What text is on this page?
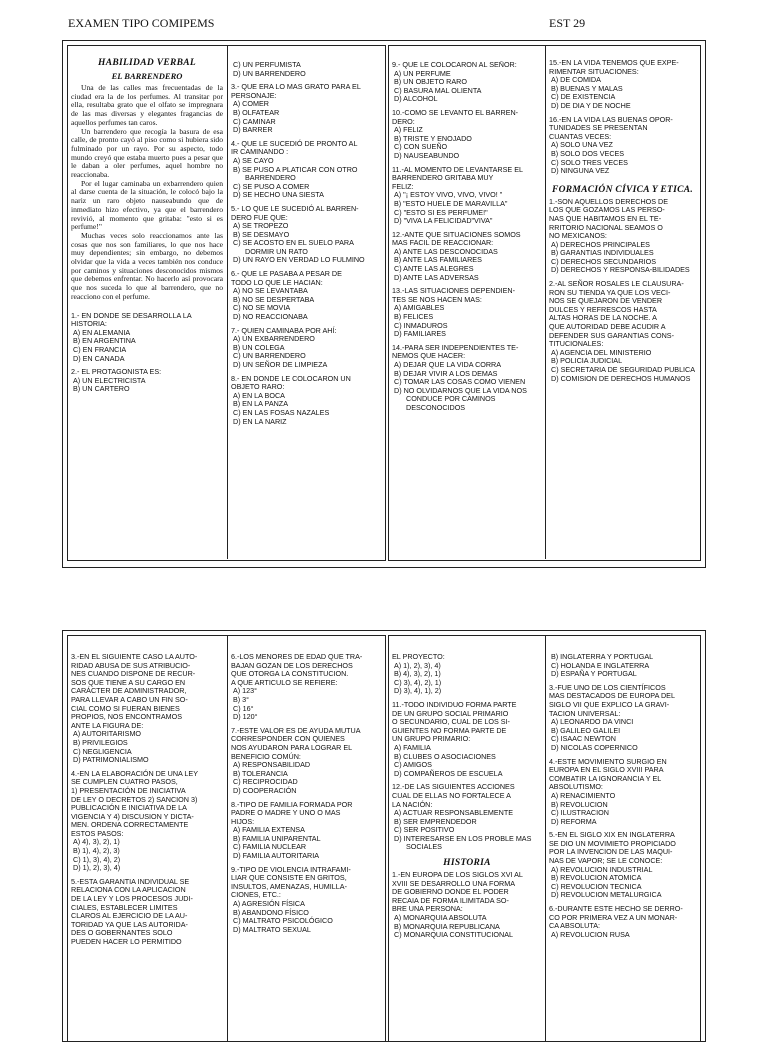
EXAMEN TIPO COMIPEMS	EST 29
HABILIDAD VERBAL
EL BARRENDERO

Una de las calles mas frecuentadas de la ciudad era la de los perfumes. Al transitar por ella, resultaba grato que el olfato se impregnara de las mas diversas y elegantes fragancias de aquellos perfumes tan caros.

Un barrendero que recogía la basura de esa calle, de pronto cayó al piso como si hubiera sido fulminado por un rayo. Por su aspecto, todo mundo creyó que estaba muerto pues a pesar que le daban a oler perfumes, aquel hombre no reaccionaba.

Por el lugar caminaba un exbarrendero quien al darse cuenta de la situación, le colocó bajo la nariz un raro objeto nauseabundo que de inmediato hizo efectivo, ya que el barrendero revivió, al momento que gritaba: "esto si es perfume!"

Muchas veces solo reaccionamos ante las cosas que nos son familiares, lo que nos hace muy dependientes; sin embargo, no debemos olvidar que la vida a veces también nos conduce por caminos y situaciones desconocidos mismos que debemos enfrentar. No hacerlo así provocara que nos suceda lo que al barrendero, que no reacciono con el perfume.

1.- EN DONDE SE DESARROLLA LA
HISTORIA:
A) EN ALEMANIA
B) EN ARGENTINA
C) EN FRANCIA
D) EN CANADA
2.- EL PROTAGONISTA ES:
A) UN ELECTRICISTA
B) UN CARTERO
C) UN PERFUMISTA
D) UN BARRENDERO
3.- QUE ERA LO MAS GRATO PARA EL
PERSONAJE:
A) COMER
B) OLFATEAR
C) CAMINAR
D) BARRER
4.- QUE LE SUCEDIÓ DE PRONTO AL
IR CAMINANDO :
A) SE CAYO
B) SE PUSO A PLATICAR CON OTRO BARRENDERO
C) SE PUSO A COMER
D) SE HECHO UNA SIESTA
5.- LO QUE LE SUCEDIÓ AL BARREN-
DERO FUE QUE:
A) SE TROPEZO
B) SE DESMAYO
C) SE ACOSTO EN EL SUELO PARA DORMIR UN RATO
D) UN RAYO EN VERDAD LO FULMINO
6.- QUE LE PASABA A PESAR DE
TODO LO QUE LE HACIAN:
A) NO SE LEVANTABA
B) NO SE DESPERTABA
C) NO SE MOVIA
D) NO REACCIONABA
7.- QUIEN CAMINABA POR AHÍ:
A) UN EXBARRENDERO
B) UN COLEGA
C) UN BARRENDERO
D) UN SEÑOR DE LIMPIEZA
8.- EN DONDE LE COLOCARON UN
OBJETO RARO:
A) EN LA BOCA
B) EN LA PANZA
C) EN LAS FOSAS NAZALES
D) EN LA NARIZ
9.- QUE LE COLOCARON AL SEÑOR:
A) UN PERFUME
B) UN OBJETO RARO
C) BASURA MAL OLIENTA
D) ALCOHOL
10.-COMO SE LEVANTO EL BARREN-
DERO:
A) FELIZ
B) TRISTE Y ENOJADO
C) CON SUEÑO
D) NAUSEABUNDO
11.-AL MOMENTO DE LEVANTARSE EL
BARRENDERO GRITABA MUY
FELIZ:
A) "¡ ESTOY VIVO, VIVO, VIVO! "
B) "ESTO HUELE DE MARAVILLA"
C) "ESTO SI ES PERFUME!"
D) "VIVA LA FELICIDAD"VIVA"
12.-ANTE QUE SITUACIONES SOMOS
MAS FACIL DE REACCIONAR:
A) ANTE LAS DESCONOCIDAS
B) ANTE LAS FAMILIARES
C) ANTE LAS ALEGRES
D) ANTE LAS ADVERSAS
13.-LAS SITUACIONES DEPENDIEN-
TES SE NOS HACEN MAS:
A) AMIGABLES
B) FELICES
C) INMADUROS
D) FAMILIARES
14.-PARA SER INDEPENDIENTES TE-
NEMOS QUE HACER:
A) DEJAR QUE LA VIDA CORRA
B) DEJAR VIVIR A LOS DEMAS
C) TOMAR LAS COSAS COMO VIENEN
D) NO OLVIDARNOS QUE LA VIDA NOS CONDUCE POR CAMINOS DESCONOCIDOS
15.-EN LA VIDA TENEMOS QUE EXPE-
RIMENTAR SITUACIONES:
A) DE COMIDA
B) BUENAS Y MALAS
C) DE EXISTENCIA
D) DE DIA Y DE NOCHE
16.-EN LA VIDA LAS BUENAS OPOR-
TUNIDADES SE PRESENTAN
CUANTAS VECES:
A) SOLO UNA VEZ
B) SOLO DOS VECES
C) SOLO TRES VECES
D) NINGUNA VEZ
FORMACIÓN CÍVICA Y ETICA.
1.-SON AQUELLOS DERECHOS DE
LOS QUE GOZAMOS LAS PERSO-
NAS QUE HABITAMOS EN EL TE-
RRITORIO NACIONAL SEAMOS O
NO MEXICANOS:
A) DERECHOS PRINCIPALES
B) GARANTIAS INDIVIDUALES
C) DERECHOS SECUNDARIOS
D) DERECHOS Y RESPONSA-BILIDADES
2.-AL SEÑOR ROSALES LE CLAUSURA-
RON SU TIENDA YA QUE LOS VECI-
NOS SE QUEJARON DE VENDER
DULCES Y REFRESCOS HASTA
ALTAS HORAS DE LA NOCHE. A
QUE AUTORIDAD DEBE ACUDIR A
DEFENDER SUS GARANTIAS CONS-
TITUCIONALES:
A) AGENCIA DEL MINISTERIO
B) POLICIA JUDICIAL
C) SECRETARIA DE SEGURIDAD PUBLICA
D) COMISION DE DERECHOS HUMANOS
3.-EN EL SIGUIENTE CASO LA AUTO-
RIDAD ABUSA DE SUS ATRIBUCIO-
NES CUANDO DISPONE DE RECUR-
SOS QUE TIENE A SU CARGO EN
CARÁCTER DE ADMINISTRADOR,
PARA LLEVAR A CABO UN FIN SO-
CIAL COMO SI FUERAN BIENES
PROPIOS, NOS ENCONTRAMOS
ANTE LA FIGURA DE:
A) AUTORITARISMO
B) PRIVILEGIOS
C) NEGLIGENCIA
D) PATRIMONIALISMO
4.-EN LA ELABORACIÓN DE UNA LEY
SE CUMPLEN CUATRO PASOS,
1) PRESENTACIÓN DE INICIATIVA
DE LEY O DECRETOS 2) SANCION 3)
PUBLICACIÓN E INICIATIVA DE LA
VIGENCIA Y 4) DISCUSION Y DICTA-
MEN. ORDENA CORRECTAMENTE
ESTOS PASOS:
A) 4), 3), 2), 1)
B) 1), 4), 2), 3)
C) 1), 3), 4), 2)
D) 1), 2), 3), 4)
5.-ESTA GARANTIA INDIVIDUAL SE
RELACIONA CON LA APLICACION
DE LA LEY Y LOS PROCESOS JUDI-
CIALES, ESTABLECER LIMITES
CLAROS AL EJERCICIO DE LA AU-
TORIDAD YA QUE LAS AUTORIDA-
DES O GOBERNANTES SOLO
PUEDEN HACER LO PERMITIDO
6.-LOS MENORES DE EDAD QUE TRA-
BAJAN GOZAN DE LOS DERECHOS
QUE OTORGA LA CONSTITUCION.
A QUE ARTICULO SE REFIERE:
A) 123°
B) 3°
C) 16°
D) 120°
7.-ESTE VALOR ES DE AYUDA MUTUA
CORRESPONDER CON QUIENES
NOS AYUDARON PARA LOGRAR EL
BENEFICIO COMÚN:
A) RESPONSABILIDAD
B) TOLERANCIA
C) RECIPROCIDAD
D) COOPERACIÓN
8.-TIPO DE FAMILIA FORMADA POR
PADRE O MADRE Y UNO O MAS
HIJOS:
A) FAMILIA EXTENSA
B) FAMILIA UNIPARENTAL
C) FAMILIA NUCLEAR
D) FAMILIA AUTORITARIA
9.-TIPO DE VIOLENCIA INTRAFAMI-
LIAR QUE CONSISTE EN GRITOS,
INSULTOS, AMENAZAS, HUMILLA-
CIONES, ETC.:
A) AGRESIÓN FÍSICA
B) ABANDONO FÍSICO
C) MALTRATO PSICOLÓGICO
D) MALTRATO SEXUAL
EL PROYECTO:
A) 1), 2), 3), 4)
B) 4), 3), 2), 1)
C) 3), 4), 2), 1)
D) 3), 4), 1), 2)
11.-TODO INDIVIDUO FORMA PARTE
DE UN GRUPO SOCIAL PRIMARIO
O SECUNDARIO, CUAL DE LOS SI-
GUIENTES NO FORMA PARTE DE
UN GRUPO PRIMARIO:
A) FAMILIA
B) CLUBES O ASOCIACIONES
C) AMIGOS
D) COMPAÑEROS DE ESCUELA
12.-DE LAS SIGUIENTES ACCIONES
CUAL DE ELLAS NO FORTALECE A
LA NACIÓN:
A) ACTUAR RESPONSABLEMENTE
B) SER EMPRENDEDOR
C) SER POSITIVO
D) INTERESARSE EN LOS PROBLE MAS SOCIALES
HISTORIA
1.-EN EUROPA DE LOS SIGLOS XVI AL
XVIII SE DESARROLLO UNA FORMA
DE GOBIERNO DONDE EL PODER
RECAIA DE FORMA ILIMITADA SO-
BRE UNA PERSONA:
A) MONARQUIA ABSOLUTA
B) MONARQUIA REPUBLICANA
C) MONARQUIA CONSTITUCIONAL
B) INGLATERRA Y PORTUGAL
C) HOLANDA E INGLATERRA
D) ESPAÑA Y PORTUGAL
3.-FUE UNO DE LOS CIENTÍFICOS
MAS DESTACADOS DE EUROPA DEL
SIGLO VII QUE EXPLICO LA GRAVI-
TACION UNIVERSAL:
A) LEONARDO DA VINCI
B) GALILEO GALILEI
C) ISAAC NEWTON
D) NICOLAS COPERNICO
4.-ESTE MOVIMIENTO SURGIO EN
EUROPA EN EL SIGLO XVIII PARA
COMBATIR LA IGNORANCIA Y EL
ABSOLUTISMO:
A) RENACIMIENTO
B) REVOLUCION
C) ILUSTRACION
D) REFORMA
5.-EN EL SIGLO XIX EN INGLATERRA
SE DIO UN MOVIMIETO PROPICIADO
POR LA INVENCION DE LAS MAQUI-
NAS DE VAPOR; SE LE CONOCE:
A) REVOLUCION INDUSTRIAL
B) REVOLUCION ATOMICA
C) REVOLUCION TECNICA
D) REVOLUCION METALURGICA
6.-DURANTE ESTE HECHO SE DERRO-
CO POR PRIMERA VEZ A UN MONAR-
CA ABSOLUTA:
A) REVOLUCION RUSA
